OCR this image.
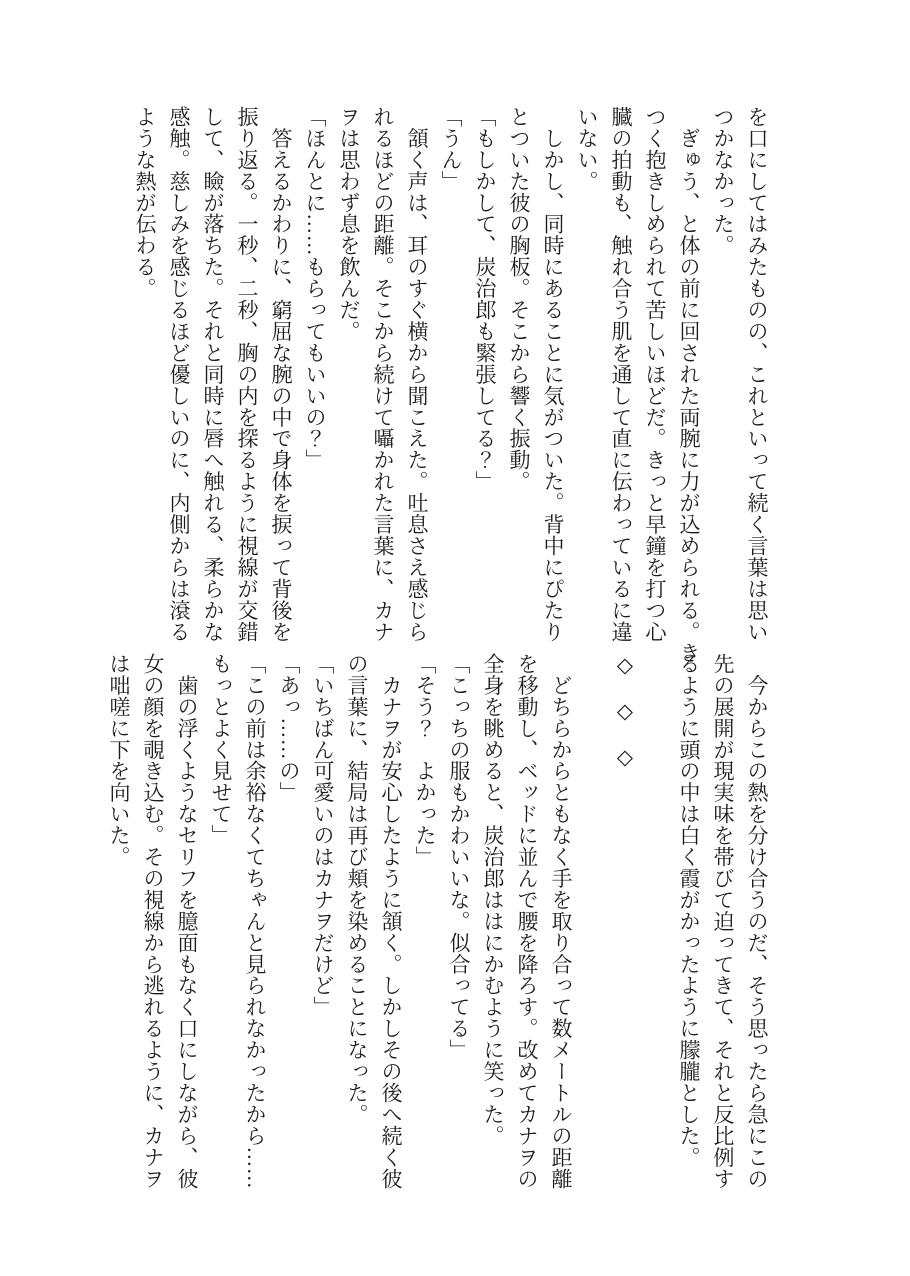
を口にしてはみたものの、これといって続く言葉は思い

つかなかった。

　ぎゅう、と体の前に回された両腕に力が込められる。き

つく抱きしめられて苦しいほどだ。きっと早鐘を打つ心

臓の拍動も、触れ合う肌を通して直に伝わっているに違

いない。

　しかし、同時にあることに気がついた。背中にぴたり

とついた彼の胸板。そこから響く振動。

「もしかして、炭治郎も緊張してる？」

「うん」

　頷く声は、耳のすぐ横から聞こえた。吐息さえ感じら

れるほどの距離。そこから続けて囁かれた言葉に、カナ

ヲは思わず息を飲んだ。

「ほんとに……もらってもいいの？」

　答えるかわりに、窮屈な腕の中で身体を捩って背後を

振り返る。一秒、二秒、胸の内を探るように視線が交錯

して、瞼が落ちた。それと同時に唇へ触れる、柔らかな

感触。慈しみを感じるほど優しいのに、内側からは滾る

ような熱が伝わる。

　今からこの熱を分け合うのだ、そう思ったら急にこの

先の展開が現実味を帯びて迫ってきて、それと反比例す

るように頭の中は白く霞がかったように朦朧とした。

◇　◇　◇

　どちらからともなく手を取り合って数メートルの距離

を移動し、ベッドに並んで腰を降ろす。改めてカナヲの

全身を眺めると、炭治郎ははにかむように笑った。

「こっちの服もかわいいな。似合ってる」

「そう？　よかった」

　カナヲが安心したように頷く。しかしその後へ続く彼

の言葉に、結局は再び頬を染めることになった。

「いちばん可愛いのはカナヲだけど」

「あっ……の」

「この前は余裕なくてちゃんと見られなかったから……

もっとよく見せて」

　歯の浮くようなセリフを臆面もなく口にしながら、彼

女の顔を覗き込む。その視線から逃れるように、カナヲ

は咄嗟に下を向いた。
